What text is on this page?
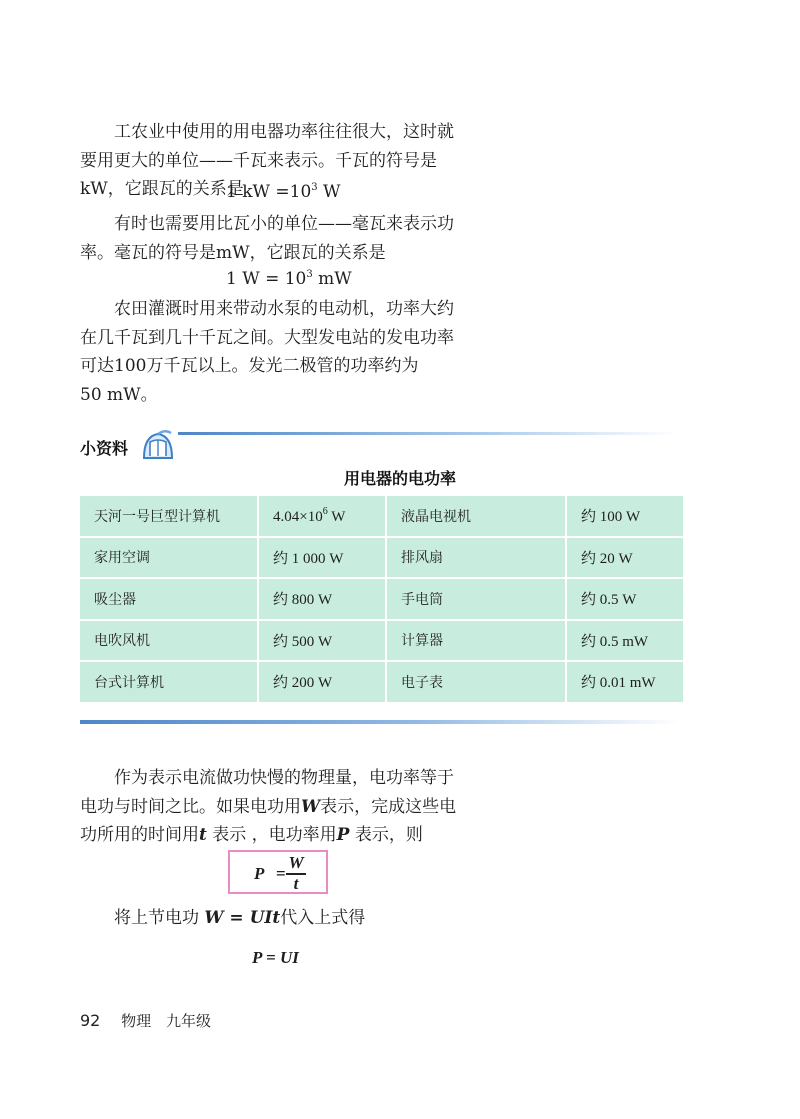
工农业中使用的用电器功率往往很大，这时就
要用更大的单位——千瓦来表示。千瓦的符号是
kW，它跟瓦的关系是

1 kW $=10^3$ W

有时也需要用比瓦小的单位——毫瓦来表示功
率。毫瓦的符号是mW，它跟瓦的关系是

1 $W = 10^3$ mW

农田灌溉时用来带动水泵的电动机，功率大约
在几千瓦到几十千瓦之间。大型发电站的发电功率
可达100万千瓦以上。发光二极管的功率约为
50 mW。

小资料
用电器的电功率
天河一号巨型计算机	$4.04\times 10^6$ W	液晶电视机	约 100 W
家用空调	约 1 000 W	排风扇	约 20 W
吸尘器	约 800 W	手电筒	约 0.5 W
电吹风机	约 500 W	计算器	约 0.5 mW
台式计算机	约 200 W	电子表	约 0.01 mW

作为表示电流做功快慢的物理量，电功率等于
电功与时间之比。如果电功用W表示，完成这些电
功所用的时间用t 表示 ，电功率用P 表示，则

P =
W
t

将上节电功 W = UIt代入上式得

P = UI
92 物理 九年级
